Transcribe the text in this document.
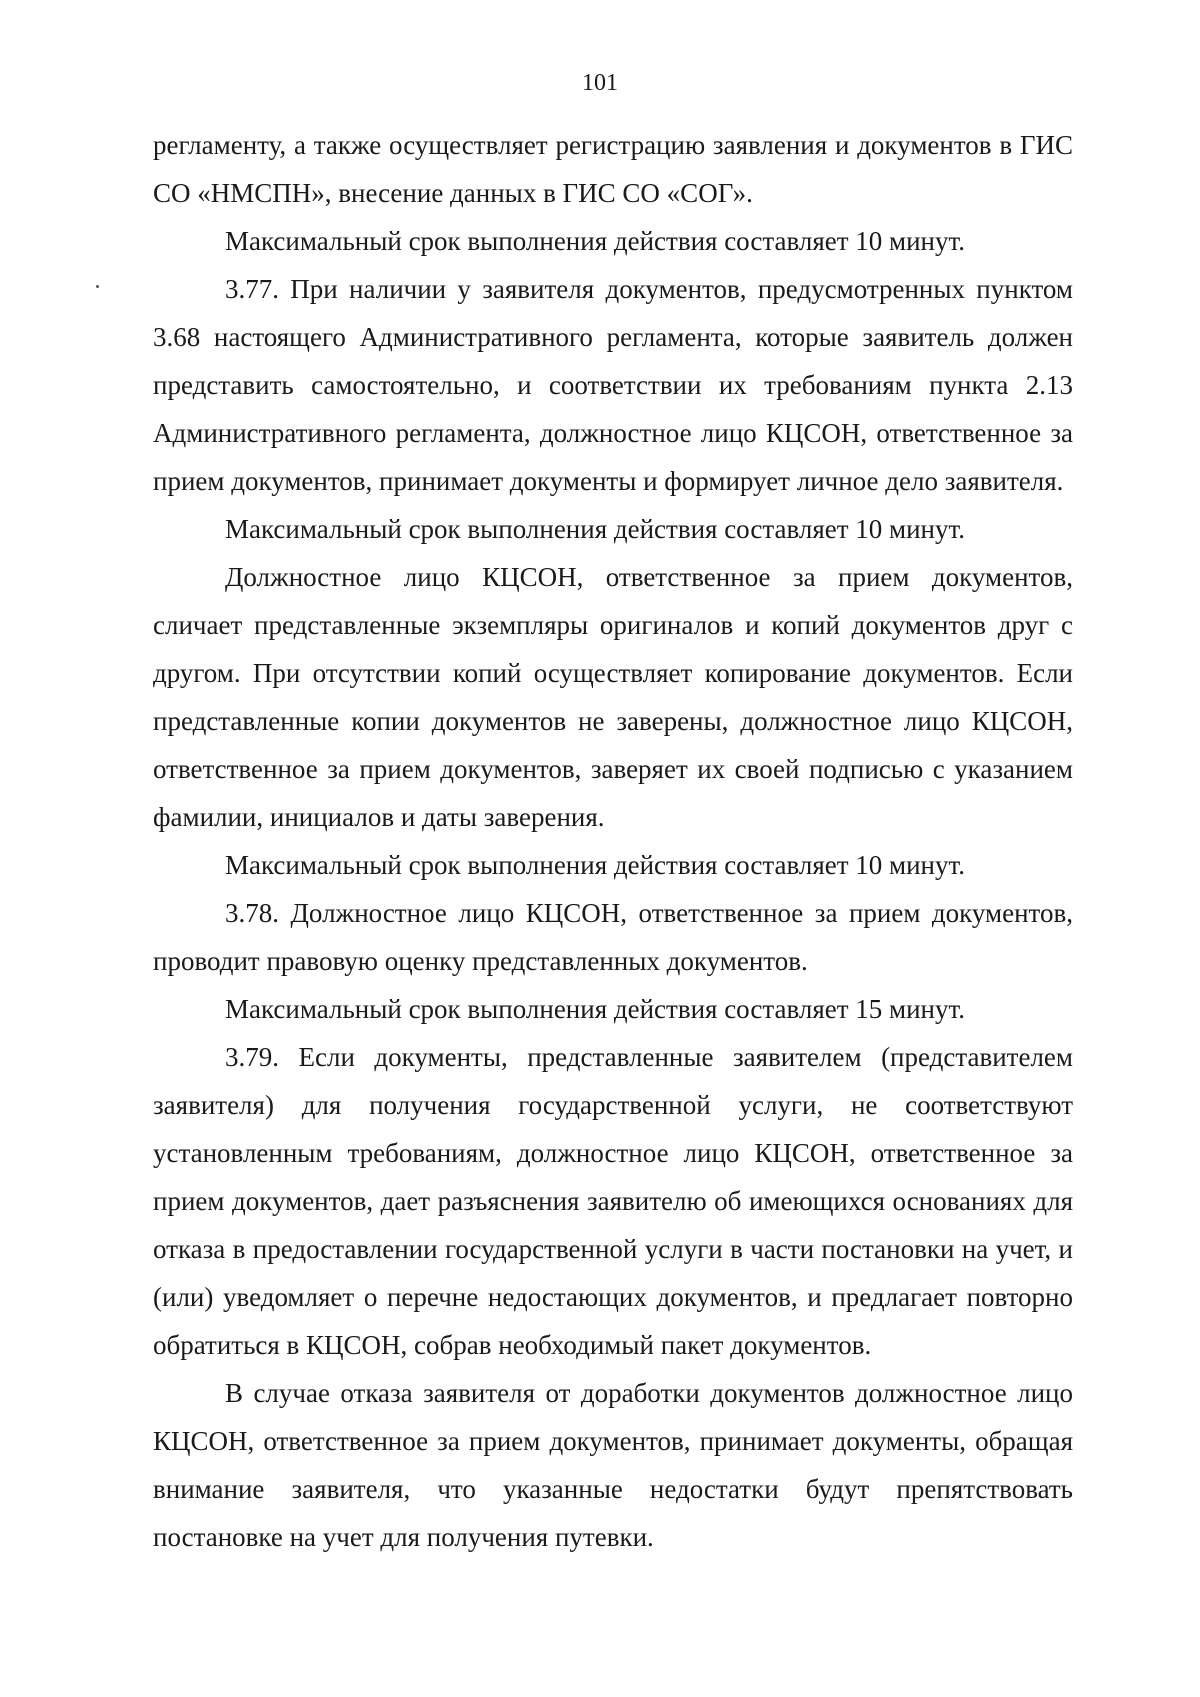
101

регламенту, а также осуществляет регистрацию заявления и документов в ГИС СО «НМСПН», внесение данных в ГИС СО «СОГ».

Максимальный срок выполнения действия составляет 10 минут.

3.77. При наличии у заявителя документов, предусмотренных пунктом 3.68 настоящего Административного регламента, которые заявитель должен представить самостоятельно, и соответствии их требованиям пункта 2.13 Административного регламента, должностное лицо КЦСОН, ответственное за прием документов, принимает документы и формирует личное дело заявителя.

Максимальный срок выполнения действия составляет 10 минут.

Должностное лицо КЦСОН, ответственное за прием документов, сличает представленные экземпляры оригиналов и копий документов друг с другом. При отсутствии копий осуществляет копирование документов. Если представленные копии документов не заверены, должностное лицо КЦСОН, ответственное за прием документов, заверяет их своей подписью с указанием фамилии, инициалов и даты заверения.

Максимальный срок выполнения действия составляет 10 минут.

3.78. Должностное лицо КЦСОН, ответственное за прием документов, проводит правовую оценку представленных документов.

Максимальный срок выполнения действия составляет 15 минут.

3.79. Если документы, представленные заявителем (представителем заявителя) для получения государственной услуги, не соответствуют установленным требованиям, должностное лицо КЦСОН, ответственное за прием документов, дает разъяснения заявителю об имеющихся основаниях для отказа в предоставлении государственной услуги в части постановки на учет, и (или) уведомляет о перечне недостающих документов, и предлагает повторно обратиться в КЦСОН, собрав необходимый пакет документов.

В случае отказа заявителя от доработки документов должностное лицо КЦСОН, ответственное за прием документов, принимает документы, обращая внимание заявителя, что указанные недостатки будут препятствовать постановке на учет для получения путевки.
